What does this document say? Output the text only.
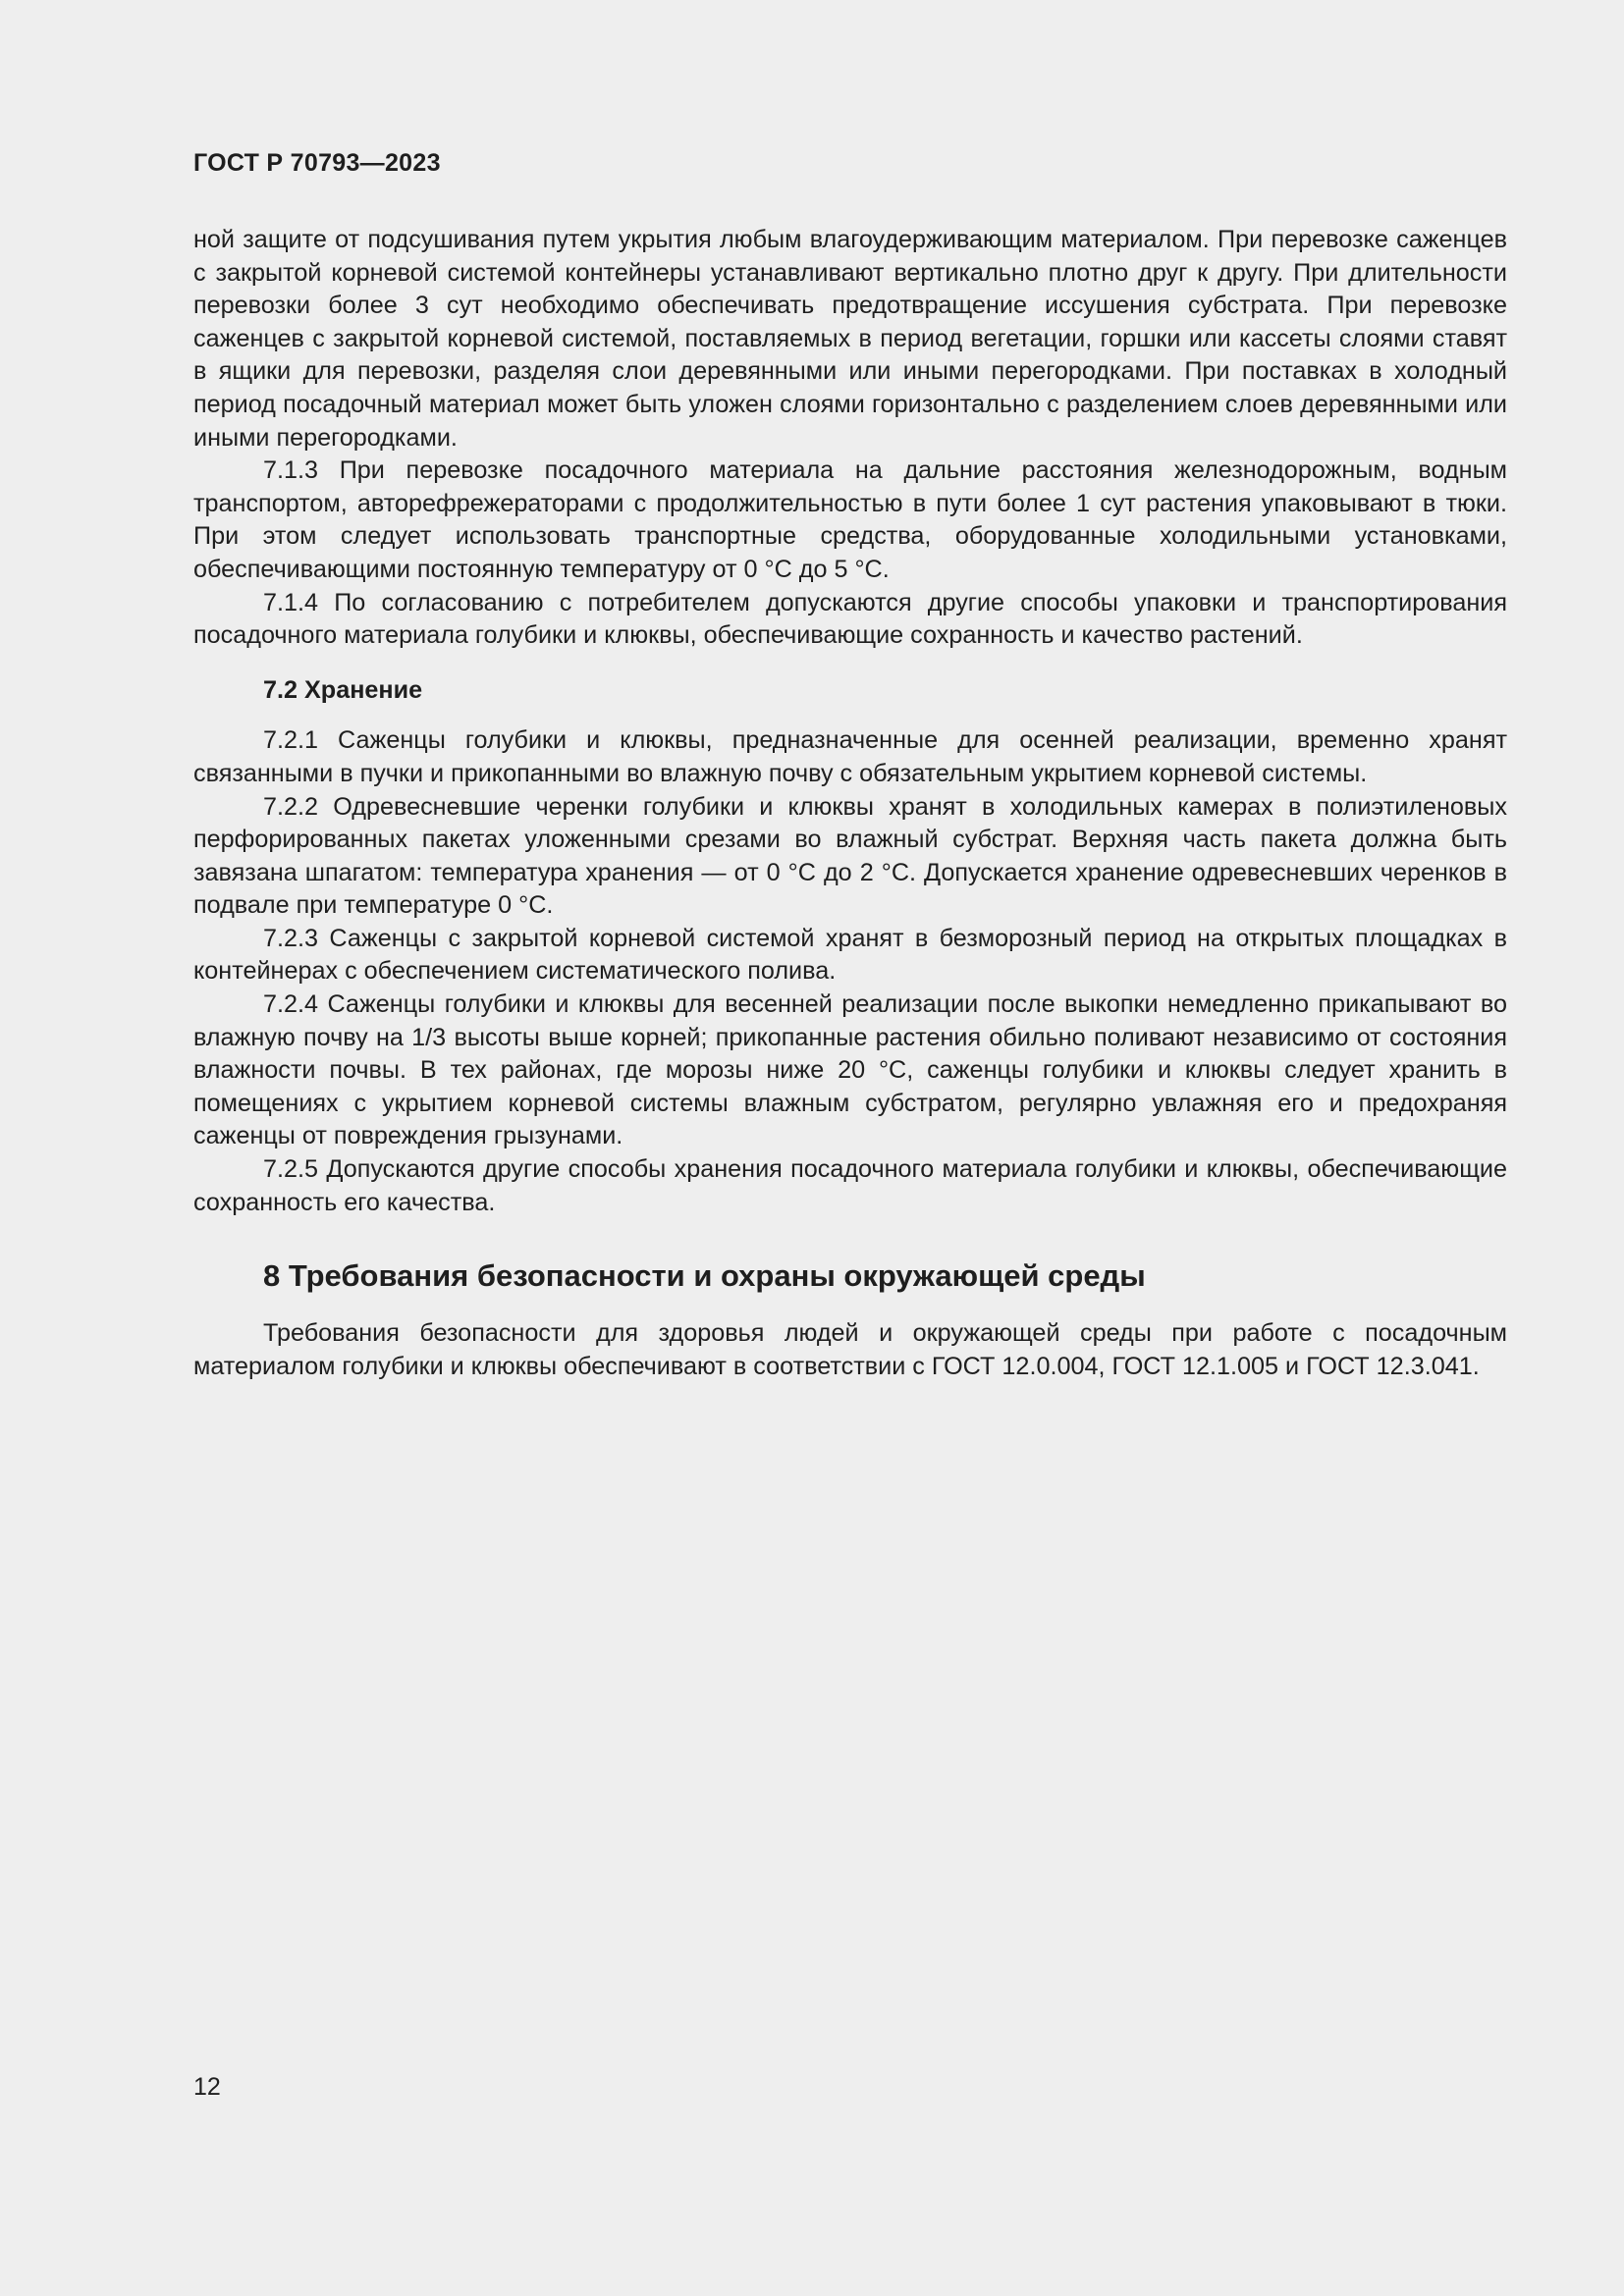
ГОСТ Р 70793—2023

ной защите от подсушивания путем укрытия любым влагоудерживающим материалом. При перевозке саженцев с закрытой корневой системой контейнеры устанавливают вертикально плотно друг к другу. При длительности перевозки более 3 сут необходимо обеспечивать предотвращение иссушения субстрата. При перевозке саженцев с закрытой корневой системой, поставляемых в период вегетации, горшки или кассеты слоями ставят в ящики для перевозки, разделяя слои деревянными или иными перегородками. При поставках в холодный период посадочный материал может быть уложен слоями горизонтально с разделением слоев деревянными или иными перегородками.

7.1.3 При перевозке посадочного материала на дальние расстояния железнодорожным, водным транспортом, авторефрежераторами с продолжительностью в пути более 1 сут растения упаковывают в тюки. При этом следует использовать транспортные средства, оборудованные холодильными установками, обеспечивающими постоянную температуру от 0 °С до 5 °С.

7.1.4 По согласованию с потребителем допускаются другие способы упаковки и транспортирования посадочного материала голубики и клюквы, обеспечивающие сохранность и качество растений.

7.2 Хранение

7.2.1 Саженцы голубики и клюквы, предназначенные для осенней реализации, временно хранят связанными в пучки и прикопанными во влажную почву с обязательным укрытием корневой системы.

7.2.2 Одревесневшие черенки голубики и клюквы хранят в холодильных камерах в полиэтиленовых перфорированных пакетах уложенными срезами во влажный субстрат. Верхняя часть пакета должна быть завязана шпагатом: температура хранения — от 0 °С до 2 °С. Допускается хранение одревесневших черенков в подвале при температуре 0 °С.

7.2.3 Саженцы с закрытой корневой системой хранят в безморозный период на открытых площадках в контейнерах с обеспечением систематического полива.

7.2.4 Саженцы голубики и клюквы для весенней реализации после выкопки немедленно прикапывают во влажную почву на 1/3 высоты выше корней; прикопанные растения обильно поливают независимо от состояния влажности почвы. В тех районах, где морозы ниже 20 °С, саженцы голубики и клюквы следует хранить в помещениях с укрытием корневой системы влажным субстратом, регулярно увлажняя его и предохраняя саженцы от повреждения грызунами.

7.2.5 Допускаются другие способы хранения посадочного материала голубики и клюквы, обеспечивающие сохранность его качества.

8 Требования безопасности и охраны окружающей среды

Требования безопасности для здоровья людей и окружающей среды при работе с посадочным материалом голубики и клюквы обеспечивают в соответствии с ГОСТ 12.0.004, ГОСТ 12.1.005 и ГОСТ 12.3.041.

12
